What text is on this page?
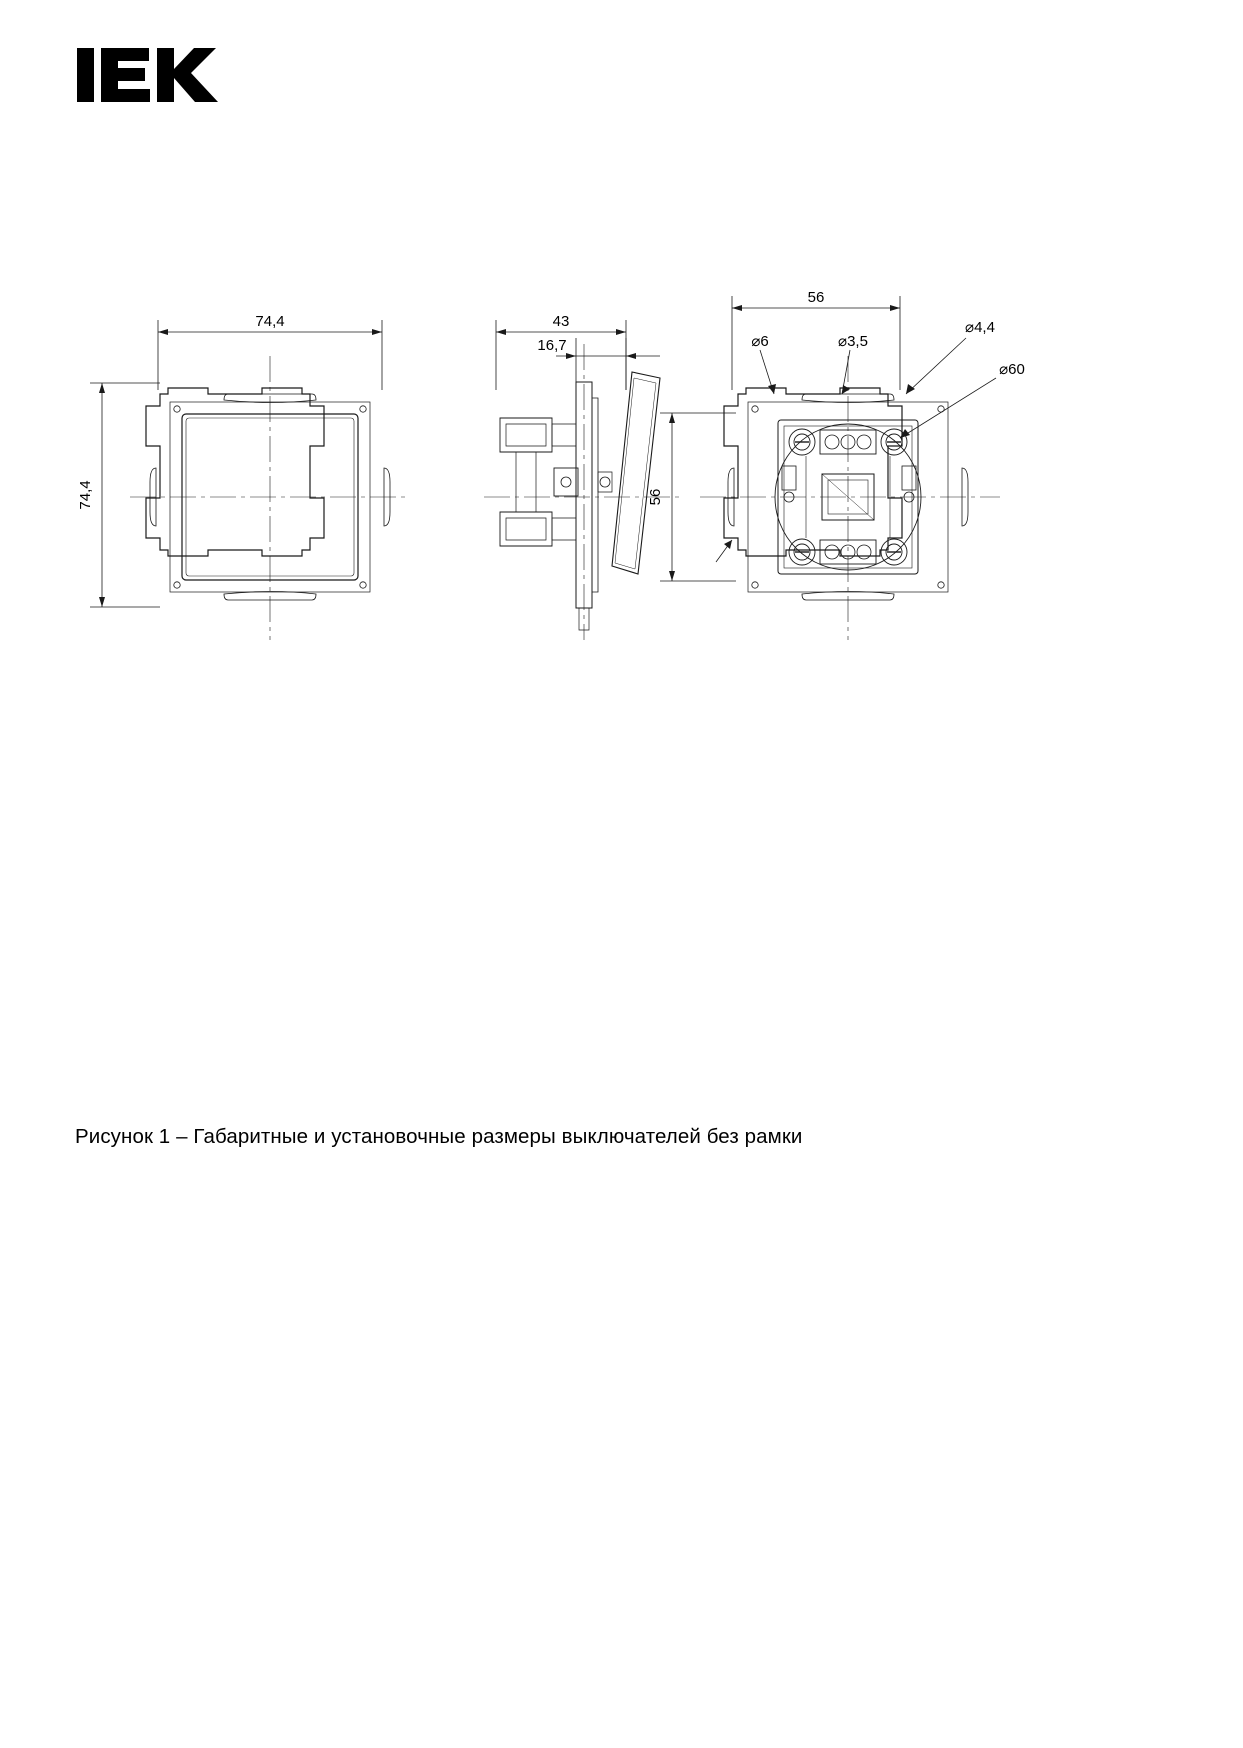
74,4
74,4
43
16,7
56
56
⌀6	⌀3,5
⌀4,4
⌀60
Рисунок 1 – Габаритные и установочные размеры выключателей без рамки
